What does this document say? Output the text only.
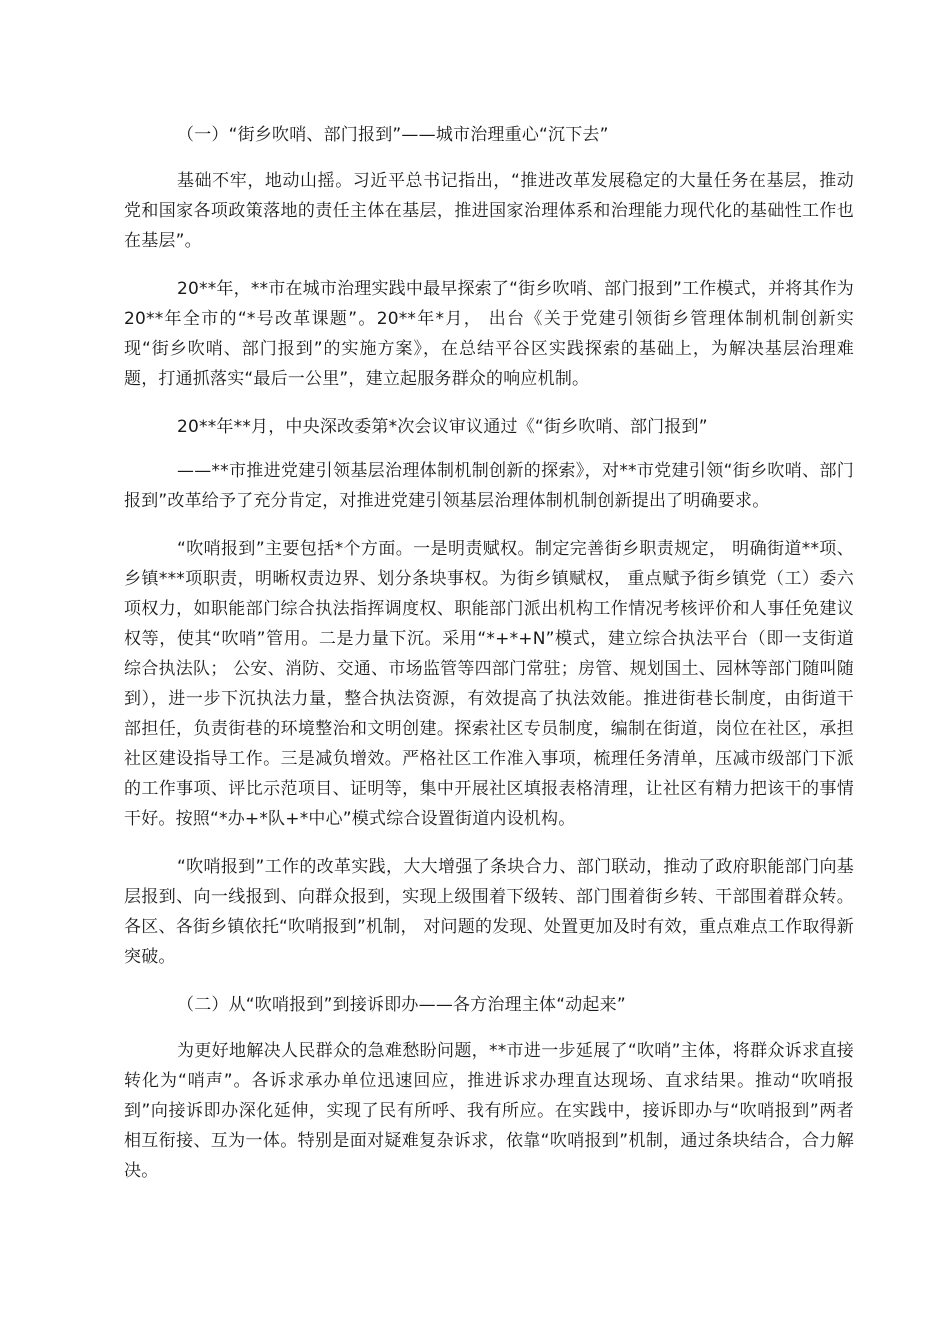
（一）“街乡吹哨、部门报到”——城市治理重心“沉下去”

基础不牢，地动山摇。习近平总书记指出，“推进改革发展稳定的大量任务在基层，推动党和国家各项政策落地的责任主体在基层，推进国家治理体系和治理能力现代化的基础性工作也在基层”。

20**年，**市在城市治理实践中最早探索了“街乡吹哨、部门报到”工作模式，并将其作为 20**年全市的“*号改革课题”。20**年*月， 出台《关于党建引领街乡管理体制机制创新实现“街乡吹哨、部门报到”的实施方案》，在总结平谷区实践探索的基础上，为解决基层治理难题，打通抓落实“最后一公里”，建立起服务群众的响应机制。

20**年**月，中央深改委第*次会议审议通过《“街乡吹哨、部门报到”

——**市推进党建引领基层治理体制机制创新的探索》，对**市党建引领“街乡吹哨、部门报到”改革给予了充分肯定，对推进党建引领基层治理体制机制创新提出了明确要求。

“吹哨报到”主要包括*个方面。一是明责赋权。制定完善街乡职责规定， 明确街道**项、乡镇***项职责，明晰权责边界、划分条块事权。为街乡镇赋权， 重点赋予街乡镇党（工）委六项权力，如职能部门综合执法指挥调度权、职能部门派出机构工作情况考核评价和人事任免建议权等，使其“吹哨”管用。二是力量下沉。采用“*+*+N”模式，建立综合执法平台（即一支街道综合执法队； 公安、消防、交通、市场监管等四部门常驻；房管、规划国土、园林等部门随叫随到），进一步下沉执法力量，整合执法资源，有效提高了执法效能。推进街巷长制度，由街道干部担任，负责街巷的环境整治和文明创建。探索社区专员制度，编制在街道，岗位在社区，承担社区建设指导工作。三是减负增效。严格社区工作准入事项，梳理任务清单，压减市级部门下派的工作事项、评比示范项目、证明等，集中开展社区填报表格清理，让社区有精力把该干的事情干好。按照“*办+*队+*中心”模式综合设置街道内设机构。

“吹哨报到”工作的改革实践，大大增强了条块合力、部门联动，推动了政府职能部门向基层报到、向一线报到、向群众报到，实现上级围着下级转、部门围着街乡转、干部围着群众转。各区、各街乡镇依托“吹哨报到”机制， 对问题的发现、处置更加及时有效，重点难点工作取得新突破。

（二）从“吹哨报到”到接诉即办——各方治理主体“动起来”

为更好地解决人民群众的急难愁盼问题，**市进一步延展了“吹哨”主体，将群众诉求直接转化为“哨声”。各诉求承办单位迅速回应，推进诉求办理直达现场、直求结果。推动“吹哨报到”向接诉即办深化延伸，实现了民有所呼、我有所应。在实践中，接诉即办与“吹哨报到”两者相互衔接、互为一体。特别是面对疑难复杂诉求，依靠“吹哨报到”机制，通过条块结合，合力解决。
